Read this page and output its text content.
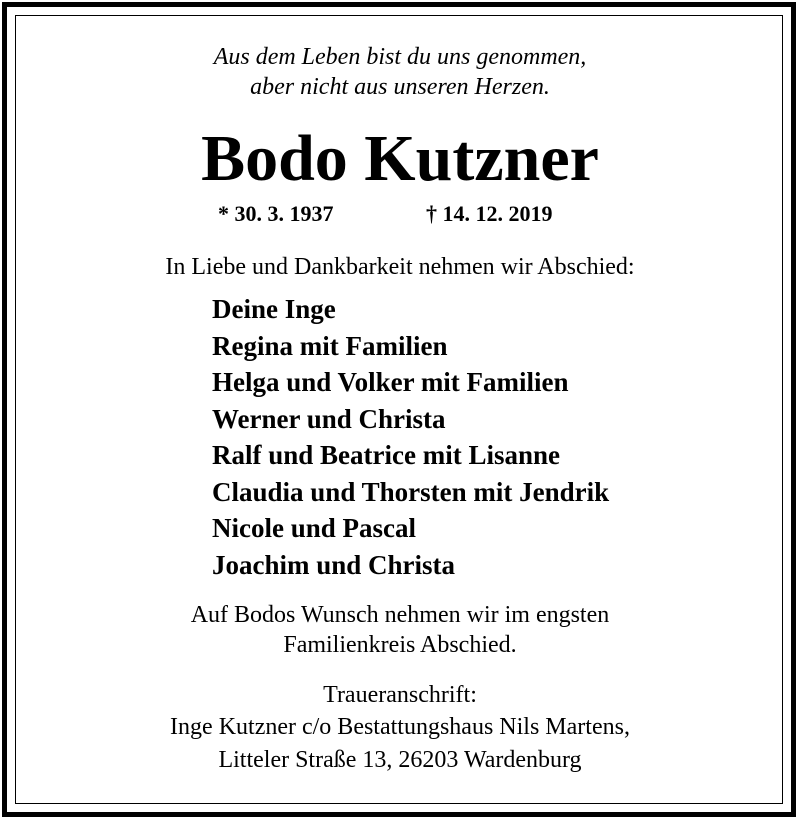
Aus dem Leben bist du uns genommen,
aber nicht aus unseren Herzen.
Bodo Kutzner
* 30. 3. 1937	† 14. 12. 2019
In Liebe und Dankbarkeit nehmen wir Abschied:
Deine Inge
Regina mit Familien
Helga und Volker mit Familien
Werner und Christa
Ralf und Beatrice mit Lisanne
Claudia und Thorsten mit Jendrik
Nicole und Pascal
Joachim und Christa
Auf Bodos Wunsch nehmen wir im engsten
Familienkreis Abschied.
Traueranschrift:
Inge Kutzner c/o Bestattungshaus Nils Martens,
Litteler Straße 13, 26203 Wardenburg
